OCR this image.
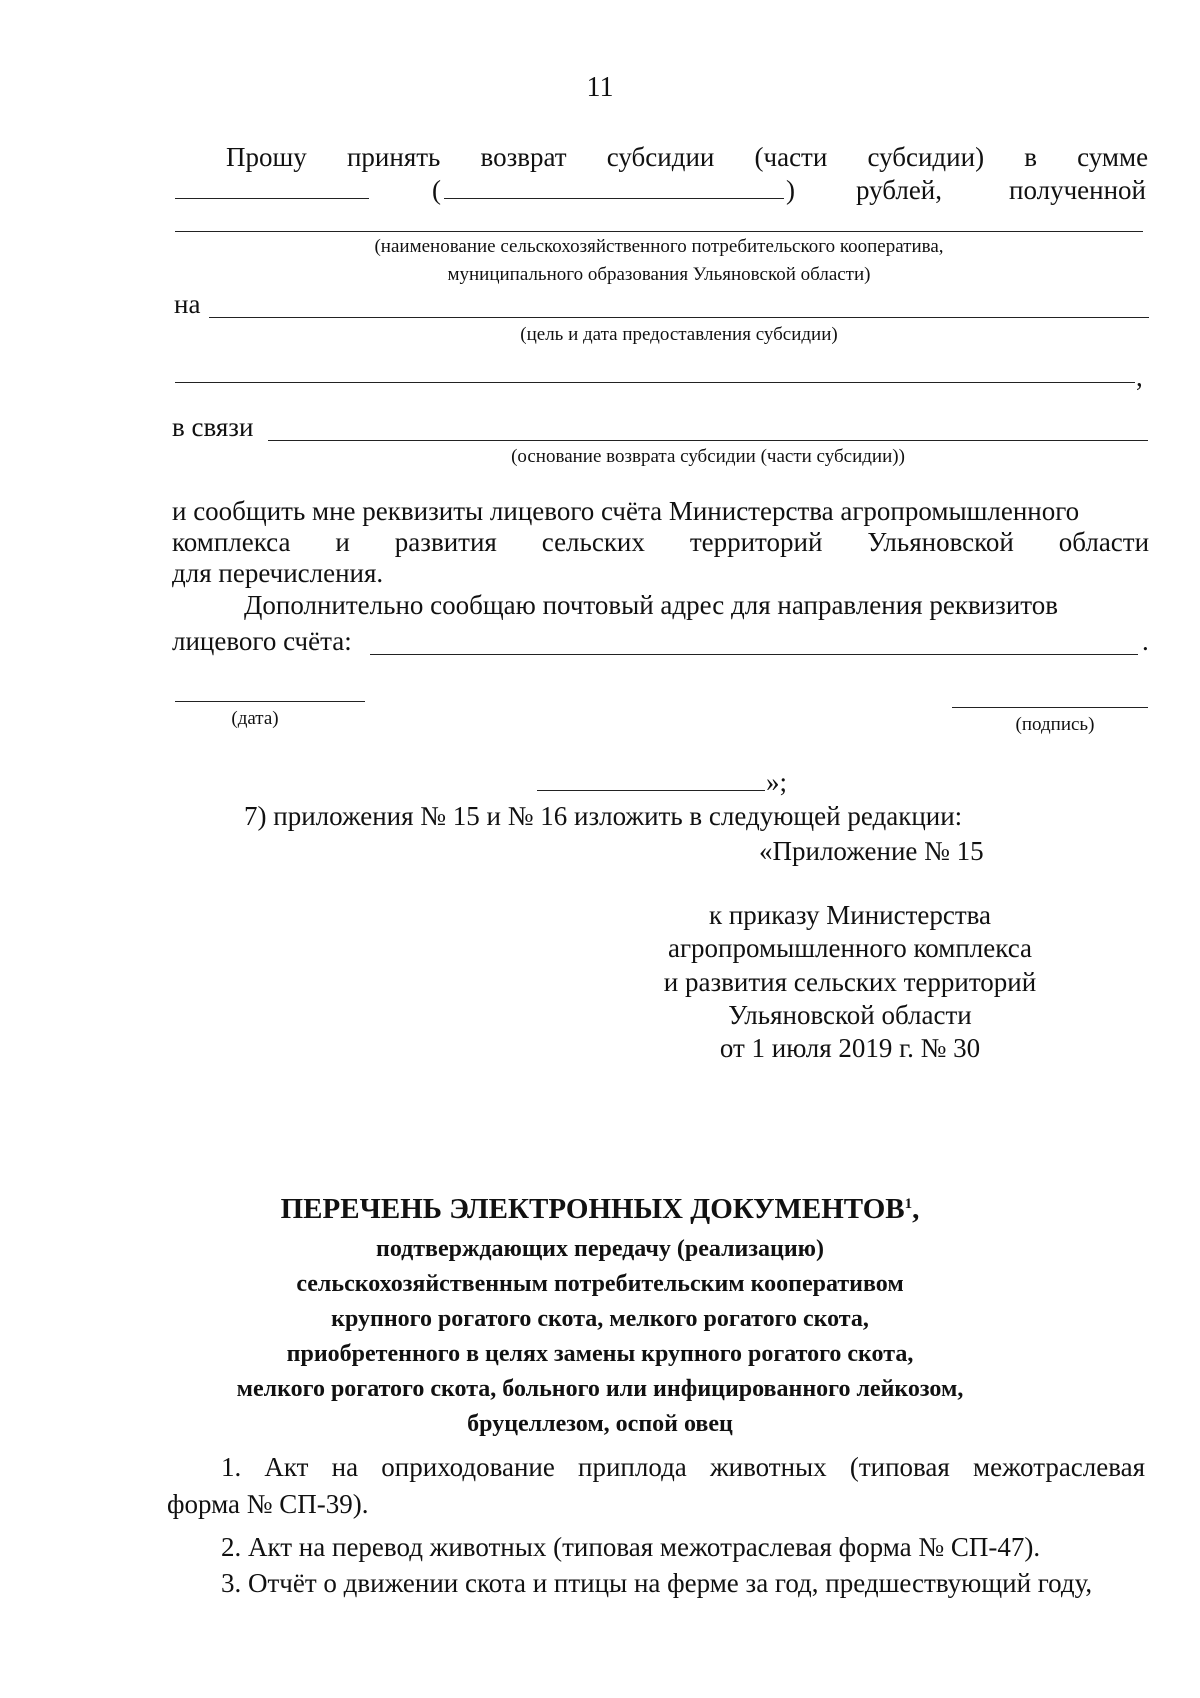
11
Прошу принять возврат субсидии (части субсидии) в сумме
(	) рублей, полученной
(наименование сельскохозяйственного потребительского кооператива,
муниципального образования Ульяновской области)
на
(цель и дата предоставления субсидии)
,
в связи
(основание возврата субсидии (части субсидии))
и сообщить мне реквизиты лицевого счёта Министерства агропромышленного
комплекса и развития сельских территорий Ульяновской области
для перечисления.
Дополнительно сообщаю почтовый адрес для направления реквизитов
лицевого счёта:	.
(дата)	(подпись)
»;
7) приложения № 15 и № 16 изложить в следующей редакции:
«Приложение № 15
к приказу Министерства
агропромышленного комплекса
и развития сельских территорий
Ульяновской области
от 1 июля 2019 г. № 30
ПЕРЕЧЕНЬ ЭЛЕКТРОННЫХ ДОКУМЕНТОВ$^1$,
подтверждающих передачу (реализацию)
сельскохозяйственным потребительским кооперативом
крупного рогатого скота, мелкого рогатого скота,
приобретенного в целях замены крупного рогатого скота,
мелкого рогатого скота, больного или инфицированного лейкозом,
бруцеллезом, оспой овец
1. Акт на оприходование приплода животных (типовая межотраслевая
форма № СП-39).
2. Акт на перевод животных (типовая межотраслевая форма № СП-47).
3. Отчёт о движении скота и птицы на ферме за год, предшествующий году,
